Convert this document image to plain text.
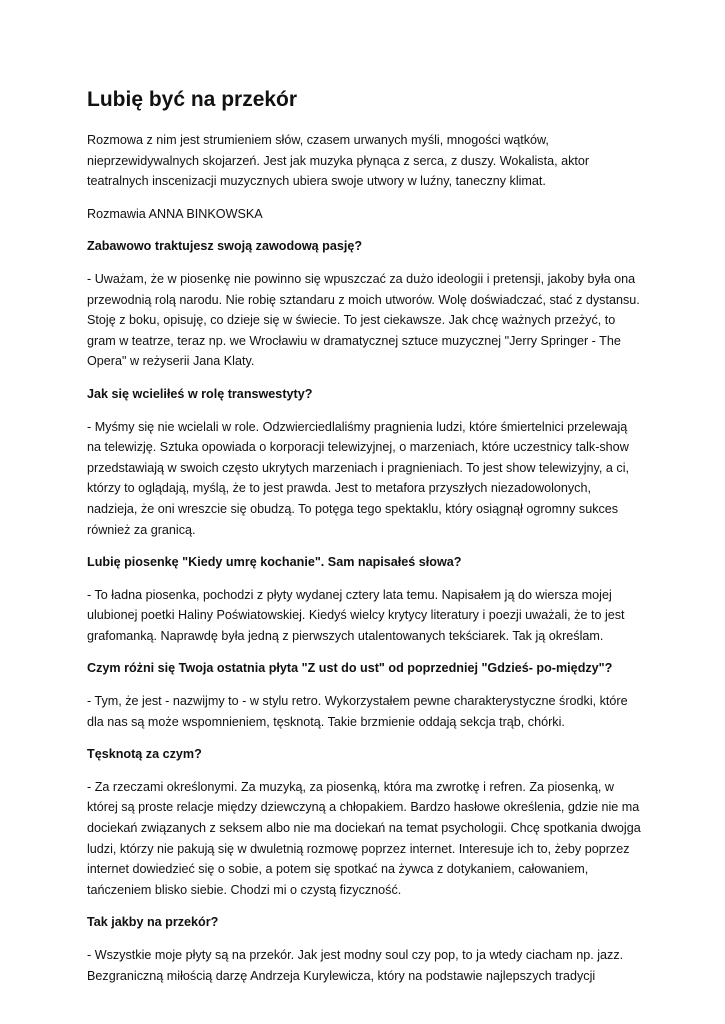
Lubię być na przekór

Rozmowa z nim jest strumieniem słów, czasem urwanych myśli, mnogości wątków, nieprzewidywalnych skojarzeń. Jest jak muzyka płynąca z serca, z duszy. Wokalista, aktor teatralnych inscenizacji muzycznych ubiera swoje utwory w luźny, taneczny klimat.

Rozmawia ANNA BINKOWSKA

Zabawowo traktujesz swoją zawodową pasję?

- Uważam, że w piosenkę nie powinno się wpuszczać za dużo ideologii i pretensji, jakoby była ona przewodnią rolą narodu. Nie robię sztandaru z moich utworów. Wolę doświadczać, stać z dystansu. Stoję z boku, opisuję, co dzieje się w świecie. To jest ciekawsze. Jak chcę ważnych przeżyć, to gram w teatrze, teraz np. we Wrocławiu w dramatycznej sztuce muzycznej "Jerry Springer - The Opera" w reżyserii Jana Klaty.

Jak się wcieliłeś w rolę transwestyty?

- Myśmy się nie wcielali w role. Odzwierciedlaliśmy pragnienia ludzi, które śmiertelnici przelewają na telewizję. Sztuka opowiada o korporacji telewizyjnej, o marzeniach, które uczestnicy talk-show przedstawiają w swoich często ukrytych marzeniach i pragnieniach. To jest show telewizyjny, a ci, którzy to oglądają, myślą, że to jest prawda. Jest to metafora przyszłych niezadowolonych, nadzieja, że oni wreszcie się obudzą. To potęga tego spektaklu, który osiągnął ogromny sukces również za granicą.

Lubię piosenkę "Kiedy umrę kochanie". Sam napisałeś słowa?

- To ładna piosenka, pochodzi z płyty wydanej cztery lata temu. Napisałem ją do wiersza mojej ulubionej poetki Haliny Poświatowskiej. Kiedyś wielcy krytycy literatury i poezji uważali, że to jest grafomanką. Naprawdę była jedną z pierwszych utalentowanych tekściarek. Tak ją określam.

Czym różni się Twoja ostatnia płyta "Z ust do ust" od poprzedniej "Gdzieś- po-między"?

- Tym, że jest - nazwijmy to - w stylu retro. Wykorzystałem pewne charakterystyczne środki, które dla nas są może wspomnieniem, tęsknotą. Takie brzmienie oddają sekcja trąb, chórki.

Tęsknotą za czym?

- Za rzeczami określonymi. Za muzyką, za piosenką, która ma zwrotkę i refren. Za piosenką, w której są proste relacje między dziewczyną a chłopakiem. Bardzo hasłowe określenia, gdzie nie ma dociekań związanych z seksem albo nie ma dociekań na temat psychologii. Chcę spotkania dwojga ludzi, którzy nie pakują się w dwuletnią rozmowę poprzez internet. Interesuje ich to, żeby poprzez internet dowiedzieć się o sobie, a potem się spotkać na żywca z dotykaniem, całowaniem, tańczeniem blisko siebie. Chodzi mi o czystą fizyczność.

Tak jakby na przekór?

- Wszystkie moje płyty są na przekór. Jak jest modny soul czy pop, to ja wtedy ciacham np. jazz. Bezgraniczną miłością darzę Andrzeja Kurylewicza, który na podstawie najlepszych tradycji
